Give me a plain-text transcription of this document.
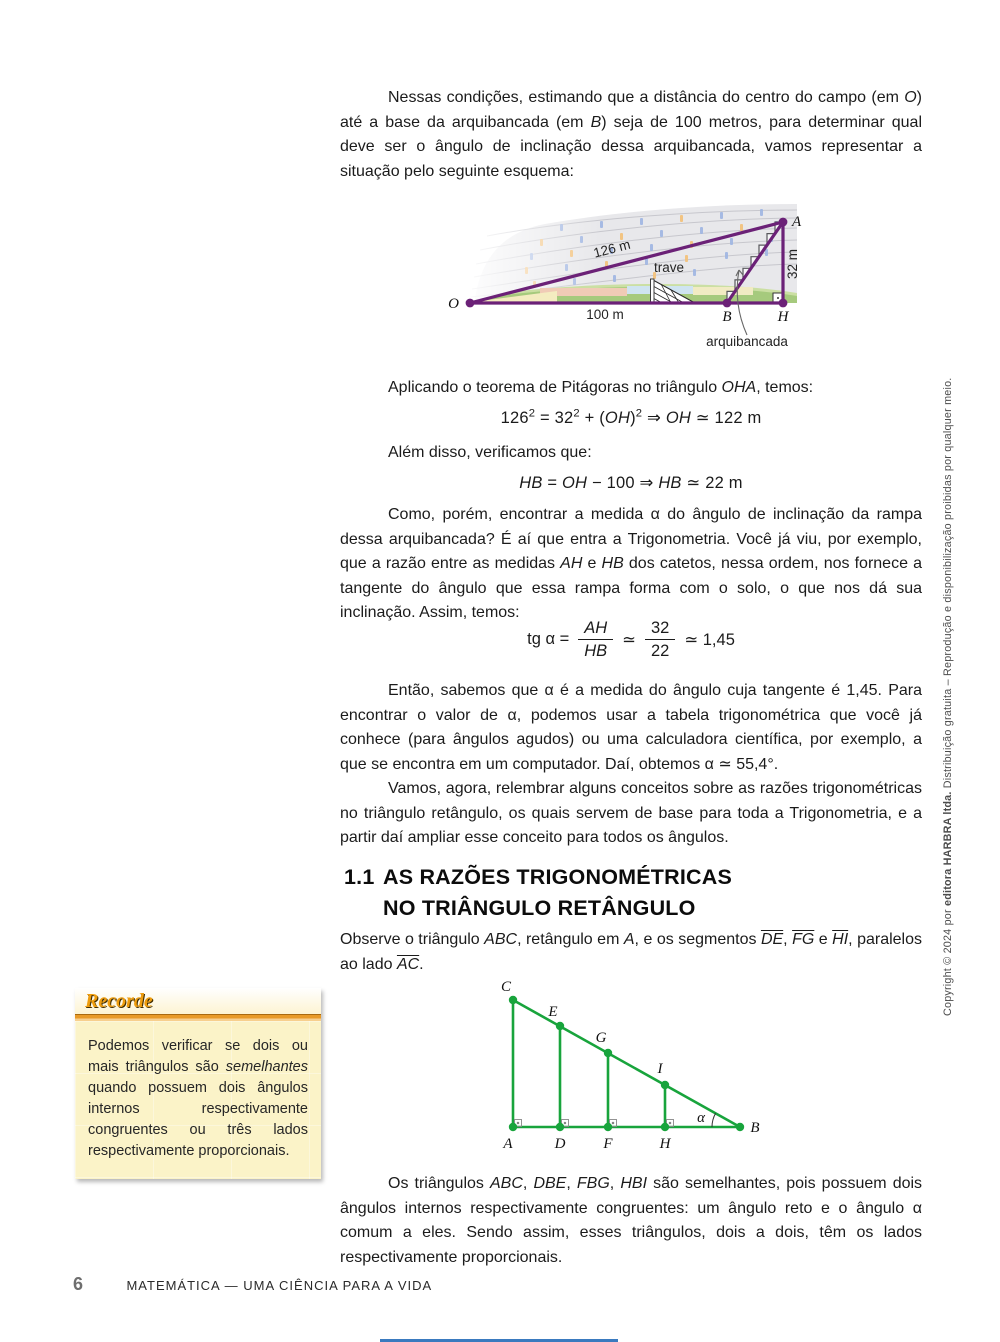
Nessas condições, estimando que a distância do centro do campo (em O) até a base da arquibancada (em B) seja de 100 metros, para determinar qual deve ser o ângulo de inclinação dessa arquibancada, vamos representar a situação pelo seguinte esquema:

O
A
B	H
126 m
100 m
32 m
trave
arquibancada

Aplicando o teorema de Pitágoras no triângulo OHA, temos:

$126^2 = 32^2 + (OH)^2$ ⇒ OH ≃ 122 m

Além disso, verificamos que:

HB = OH − 100 ⇒ HB ≃ 22 m

Como, porém, encontrar a medida α do ângulo de inclinação da rampa dessa arquibancada? É aí que entra a Trigonometria. Você já viu, por exemplo, que a razão entre as medidas AH e HB dos catetos, nessa ordem, nos fornece a tangente do ângulo que essa rampa forma com o solo, o que nos dá sua inclinação. Assim, temos:

tg $\alpha = \frac{AH}{HB}$ ≃ $\frac{32}{22}$ ≃ 1,45

Então, sabemos que α é a medida do ângulo cuja tangente é 1,45. Para encontrar o valor de α, podemos usar a tabela trigonométrica que você já conhece (para ângulos agudos) ou uma calculadora científica, por exemplo, a que se encontra em um computador. Daí, obtemos α ≃ 55,4°.

Vamos, agora, relembrar alguns conceitos sobre as razões trigonométricas no triângulo retângulo, os quais servem de base para toda a Trigonometria, e a partir daí ampliar esse conceito para todos os ângulos.

1.1 AS RAZÕES TRIGONOMÉTRICAS
NO TRIÂNGULO RETÂNGULO

Observe o triângulo ABC, retângulo em A, e os segmentos $\overline{DE}$, $\overline{FG}$ e $\overline{HI}$, paralelos ao lado $\overline{AC}$.

Recorde
Podemos verificar se dois ou mais triângulos são semelhantes quando possuem dois ângulos internos respectivamente congruentes ou três lados respectivamente proporcionais.
C
E
G
I
A	D	F	H
B
α

Os triângulos ABC, DBE, FBG, HBI são semelhantes, pois possuem dois ângulos internos respectivamente congruentes: um ângulo reto e o ângulo α comum a eles. Sendo assim, esses triângulos, dois a dois, têm os lados respectivamente proporcionais.

6	MATEMÁTICA — UMA CIÊNCIA PARA A VIDA
Copyright © 2024 por editora HARBRA ltda. Distribuição gratuita – Reprodução e disponibilização proibidas por qualquer meio.
